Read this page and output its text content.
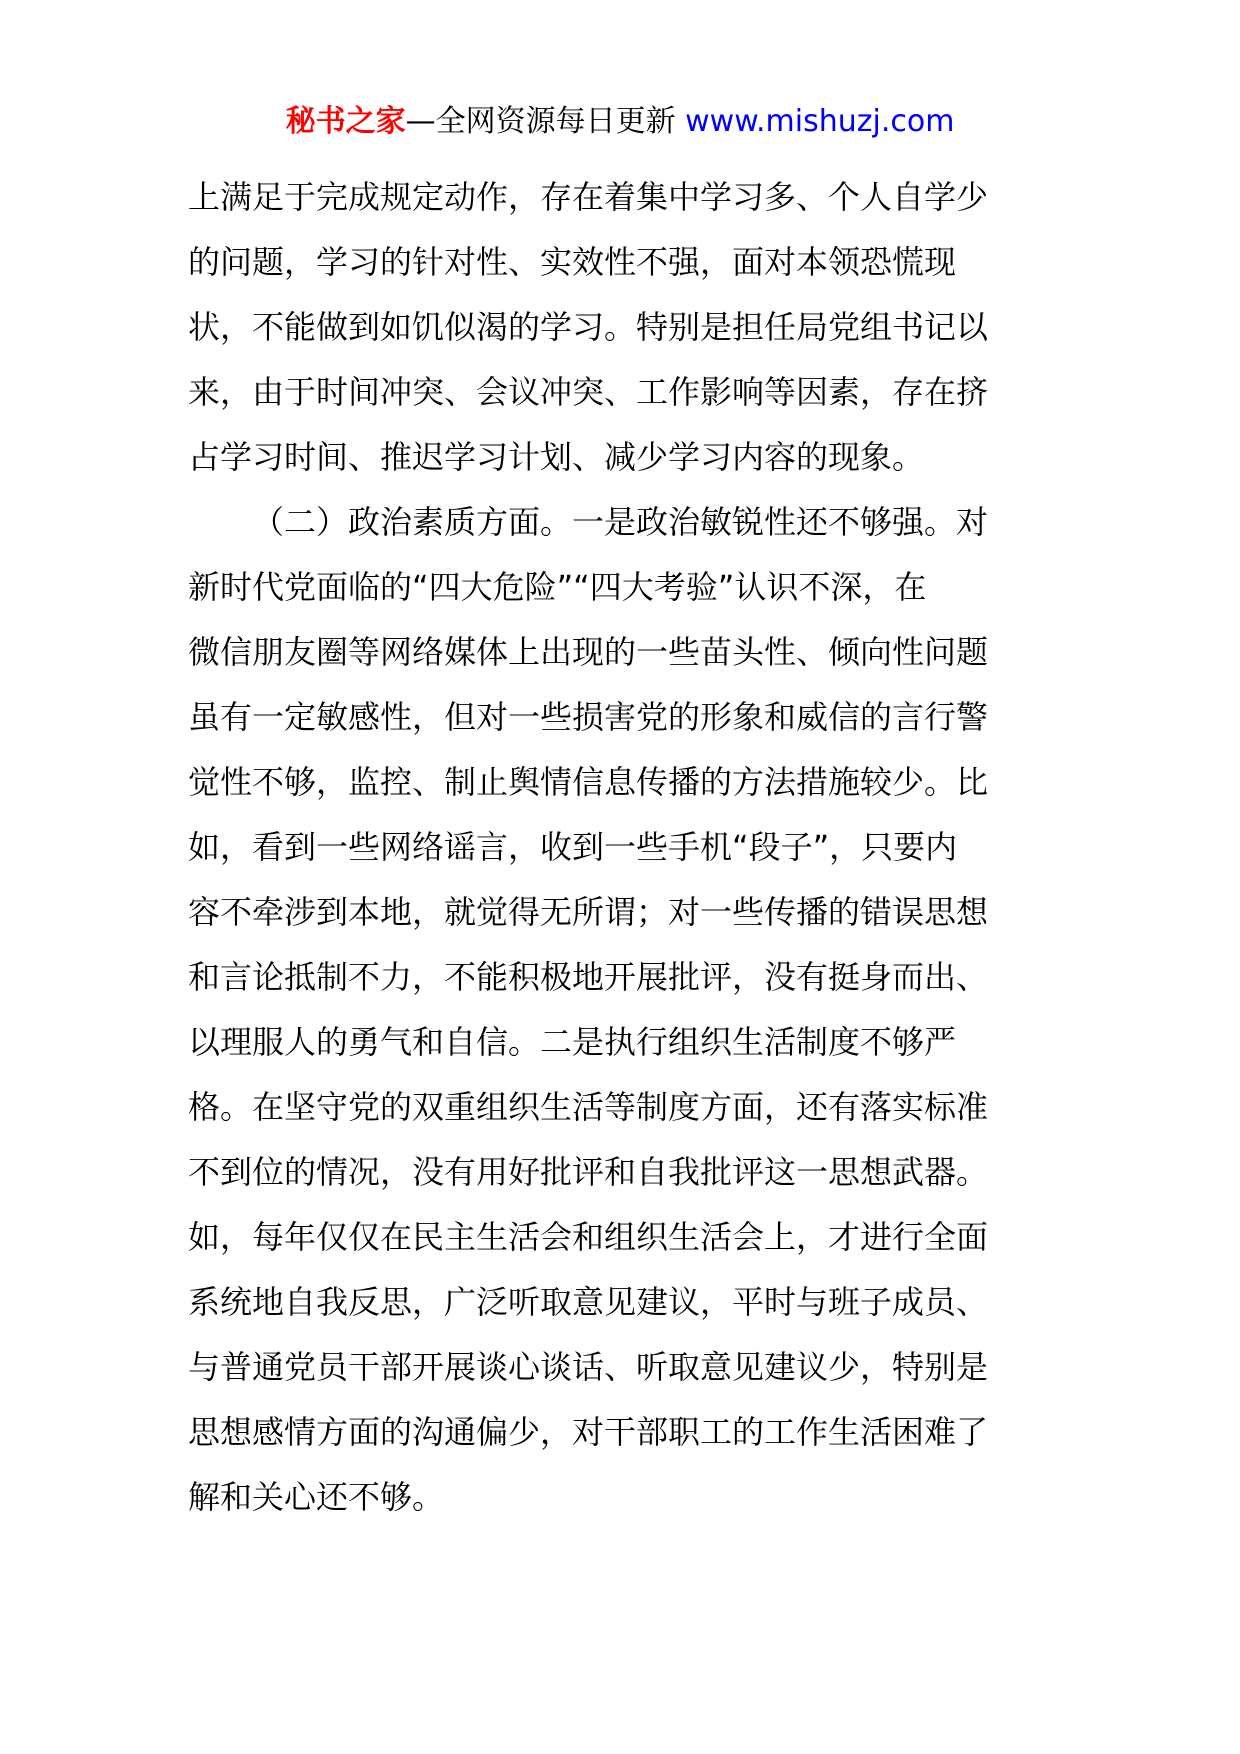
秘书之家—全网资源每日更新 www.mishuzj.com
上满足于完成规定动作，存在着集中学习多、个人自学少
的问题，学习的针对性、实效性不强，面对本领恐慌现
状，不能做到如饥似渴的学习。特别是担任局党组书记以
来，由于时间冲突、会议冲突、工作影响等因素，存在挤
占学习时间、推迟学习计划、减少学习内容的现象。
（二）政治素质方面。一是政治敏锐性还不够强。对
新时代党面临的“四大危险”“四大考验”认识不深，在
微信朋友圈等网络媒体上出现的一些苗头性、倾向性问题
虽有一定敏感性，但对一些损害党的形象和威信的言行警
觉性不够，监控、制止舆情信息传播的方法措施较少。比
如，看到一些网络谣言，收到一些手机“段子”，只要内
容不牵涉到本地，就觉得无所谓；对一些传播的错误思想
和言论抵制不力，不能积极地开展批评，没有挺身而出、
以理服人的勇气和自信。二是执行组织生活制度不够严
格。在坚守党的双重组织生活等制度方面，还有落实标准
不到位的情况，没有用好批评和自我批评这一思想武器。
如，每年仅仅在民主生活会和组织生活会上，才进行全面
系统地自我反思，广泛听取意见建议，平时与班子成员、
与普通党员干部开展谈心谈话、听取意见建议少，特别是
思想感情方面的沟通偏少，对干部职工的工作生活困难了
解和关心还不够。
